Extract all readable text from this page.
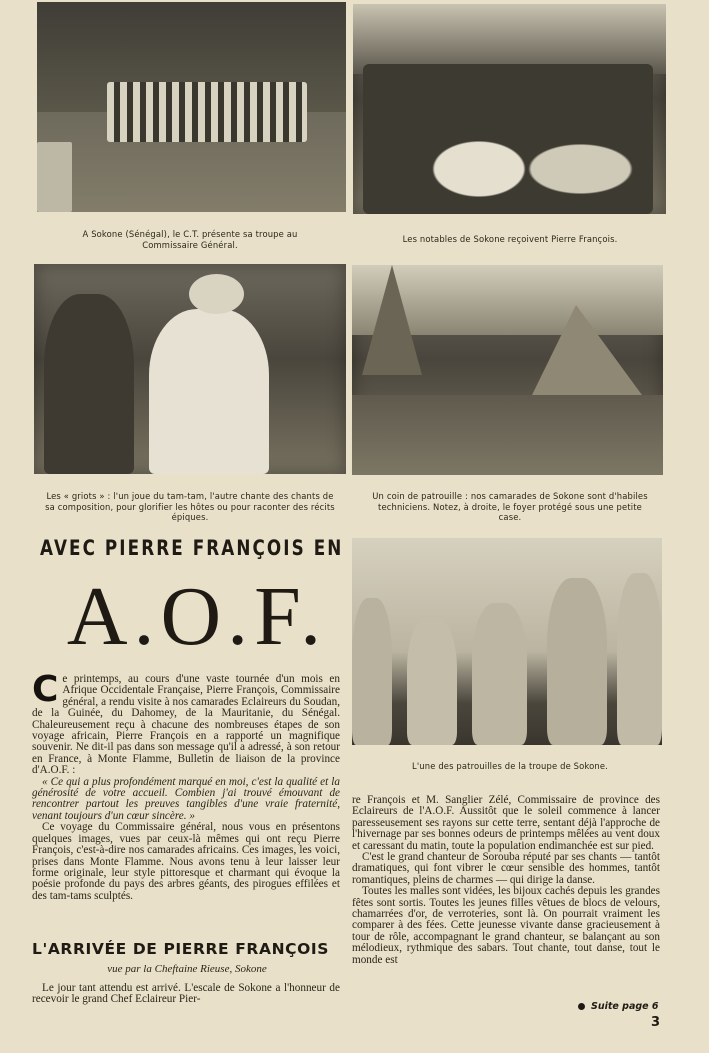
A Sokone (Sénégal), le C.T. présente sa troupe au Commissaire Général.
Les notables de Sokone reçoivent Pierre François.
Les « griots » : l'un joue du tam-tam, l'autre chante des chants de sa composition, pour glorifier les hôtes ou pour raconter des récits épiques.
Un coin de patrouille : nos camarades de Sokone sont d'habiles techniciens. Notez, à droite, le foyer protégé sous une petite case.
AVEC PIERRE FRANÇOIS EN
A.O.F.
L'une des patrouilles de la troupe de Sokone.

Ce printemps, au cours d'une vaste tournée d'un mois en Afrique Occidentale Française, Pierre François, Commissaire général, a rendu visite à nos camarades Eclaireurs du Soudan, de la Guinée, du Dahomey, de la Mauritanie, du Sénégal. Chaleureusement reçu à chacune des nombreuses étapes de son voyage africain, Pierre François en a rapporté un magnifique souvenir. Ne dit-il pas dans son message qu'il a adressé, à son retour en France, à Monte Flamme, Bulletin de liaison de la province d'A.O.F. :

« Ce qui a plus profondément marqué en moi, c'est la qualité et la générosité de votre accueil. Combien j'ai trouvé émouvant de rencontrer partout les preuves tangibles d'une vraie fraternité, venant toujours d'un cœur sincère. »

Ce voyage du Commissaire général, nous vous en présentons quelques images, vues par ceux-là mêmes qui ont reçu Pierre François, c'est-à-dire nos camarades africains. Ces images, les voici, prises dans Monte Flamme. Nous avons tenu à leur laisser leur forme originale, leur style pittoresque et charmant qui évoque la poésie profonde du pays des arbres géants, des pirogues effilées et des tam-tams sculptés.

L'ARRIVÉE DE PIERRE FRANÇOIS
vue par la Cheftaine Rieuse, Sokone

Le jour tant attendu est arrivé. L'escale de Sokone a l'honneur de recevoir le grand Chef Eclaireur Pier-

re François et M. Sanglier Zélé, Commissaire de province des Eclaireurs de l'A.O.F. Aussitôt que le soleil commence à lancer paresseusement ses rayons sur cette terre, sentant déjà l'approche de l'hivernage par ses bonnes odeurs de printemps mêlées au vent doux et caressant du matin, toute la population endimanchée est sur pied.

C'est le grand chanteur de Sorouba réputé par ses chants — tantôt dramatiques, qui font vibrer le cœur sensible des hommes, tantôt romantiques, pleins de charmes — qui dirige la danse.

Toutes les malles sont vidées, les bijoux cachés depuis les grandes fêtes sont sortis. Toutes les jeunes filles vêtues de blocs de velours, chamarrées d'or, de verroteries, sont là. On pourrait vraiment les comparer à des fées. Cette jeunesse vivante danse gracieusement à tour de rôle, accompagnant le grand chanteur, se balançant au son mélodieux, rythmique des sabars. Tout chante, tout danse, tout le monde est

Suite page 6
3
